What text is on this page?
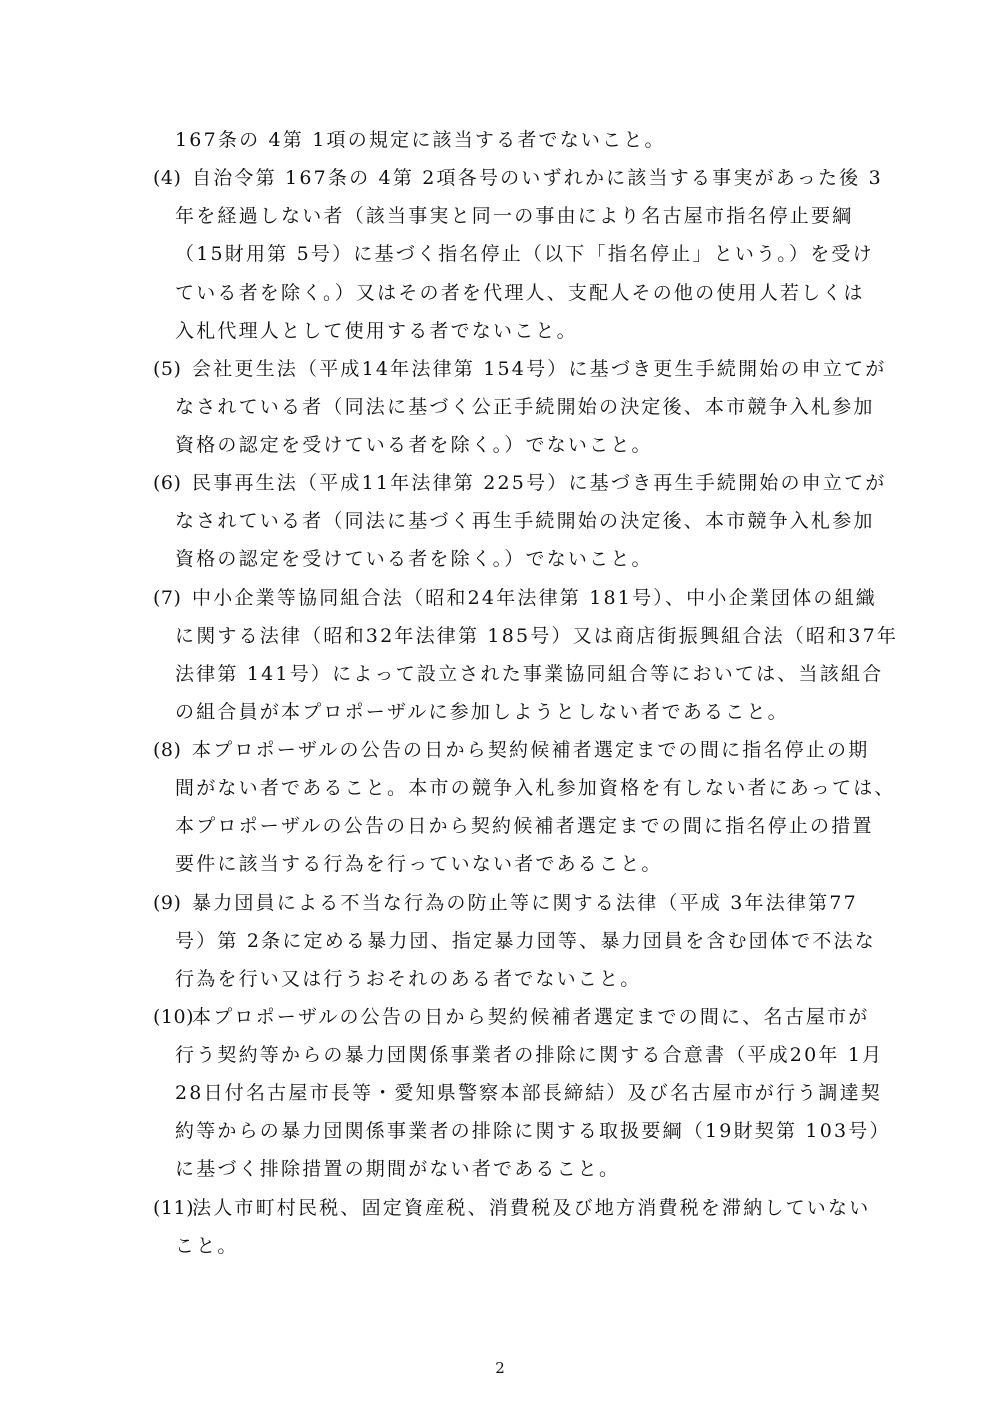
167条の 4第 1項の規定に該当する者でないこと。
(4) 自治令第 167条の 4第 2項各号のいずれかに該当する事実があった後 3
年を経過しない者（該当事実と同一の事由により名古屋市指名停止要綱
（15財用第 5号）に基づく指名停止（以下「指名停止」という。）を受け
ている者を除く。）又はその者を代理人、支配人その他の使用人若しくは
入札代理人として使用する者でないこと。
(5) 会社更生法（平成14年法律第 154号）に基づき更生手続開始の申立てが
なされている者（同法に基づく公正手続開始の決定後、本市競争入札参加
資格の認定を受けている者を除く。）でないこと。
(6) 民事再生法（平成11年法律第 225号）に基づき再生手続開始の申立てが
なされている者（同法に基づく再生手続開始の決定後、本市競争入札参加
資格の認定を受けている者を除く。）でないこと。
(7) 中小企業等協同組合法（昭和24年法律第 181号）、中小企業団体の組織
に関する法律（昭和32年法律第 185号）又は商店街振興組合法（昭和37年
法律第 141号）によって設立された事業協同組合等においては、当該組合
の組合員が本プロポーザルに参加しようとしない者であること。
(8) 本プロポーザルの公告の日から契約候補者選定までの間に指名停止の期
間がない者であること。本市の競争入札参加資格を有しない者にあっては、
本プロポーザルの公告の日から契約候補者選定までの間に指名停止の措置
要件に該当する行為を行っていない者であること。
(9) 暴力団員による不当な行為の防止等に関する法律（平成 3年法律第77
号）第 2条に定める暴力団、指定暴力団等、暴力団員を含む団体で不法な
行為を行い又は行うおそれのある者でないこと。
(10)
本プロポーザルの公告の日から契約候補者選定までの間に、名古屋市が
行う契約等からの暴力団関係事業者の排除に関する合意書（平成20年 1月
28日付名古屋市長等・愛知県警察本部長締結）及び名古屋市が行う調達契
約等からの暴力団関係事業者の排除に関する取扱要綱（19財契第 103号）
に基づく排除措置の期間がない者であること。
(11)
法人市町村民税、固定資産税、消費税及び地方消費税を滞納していない
こと。
2
